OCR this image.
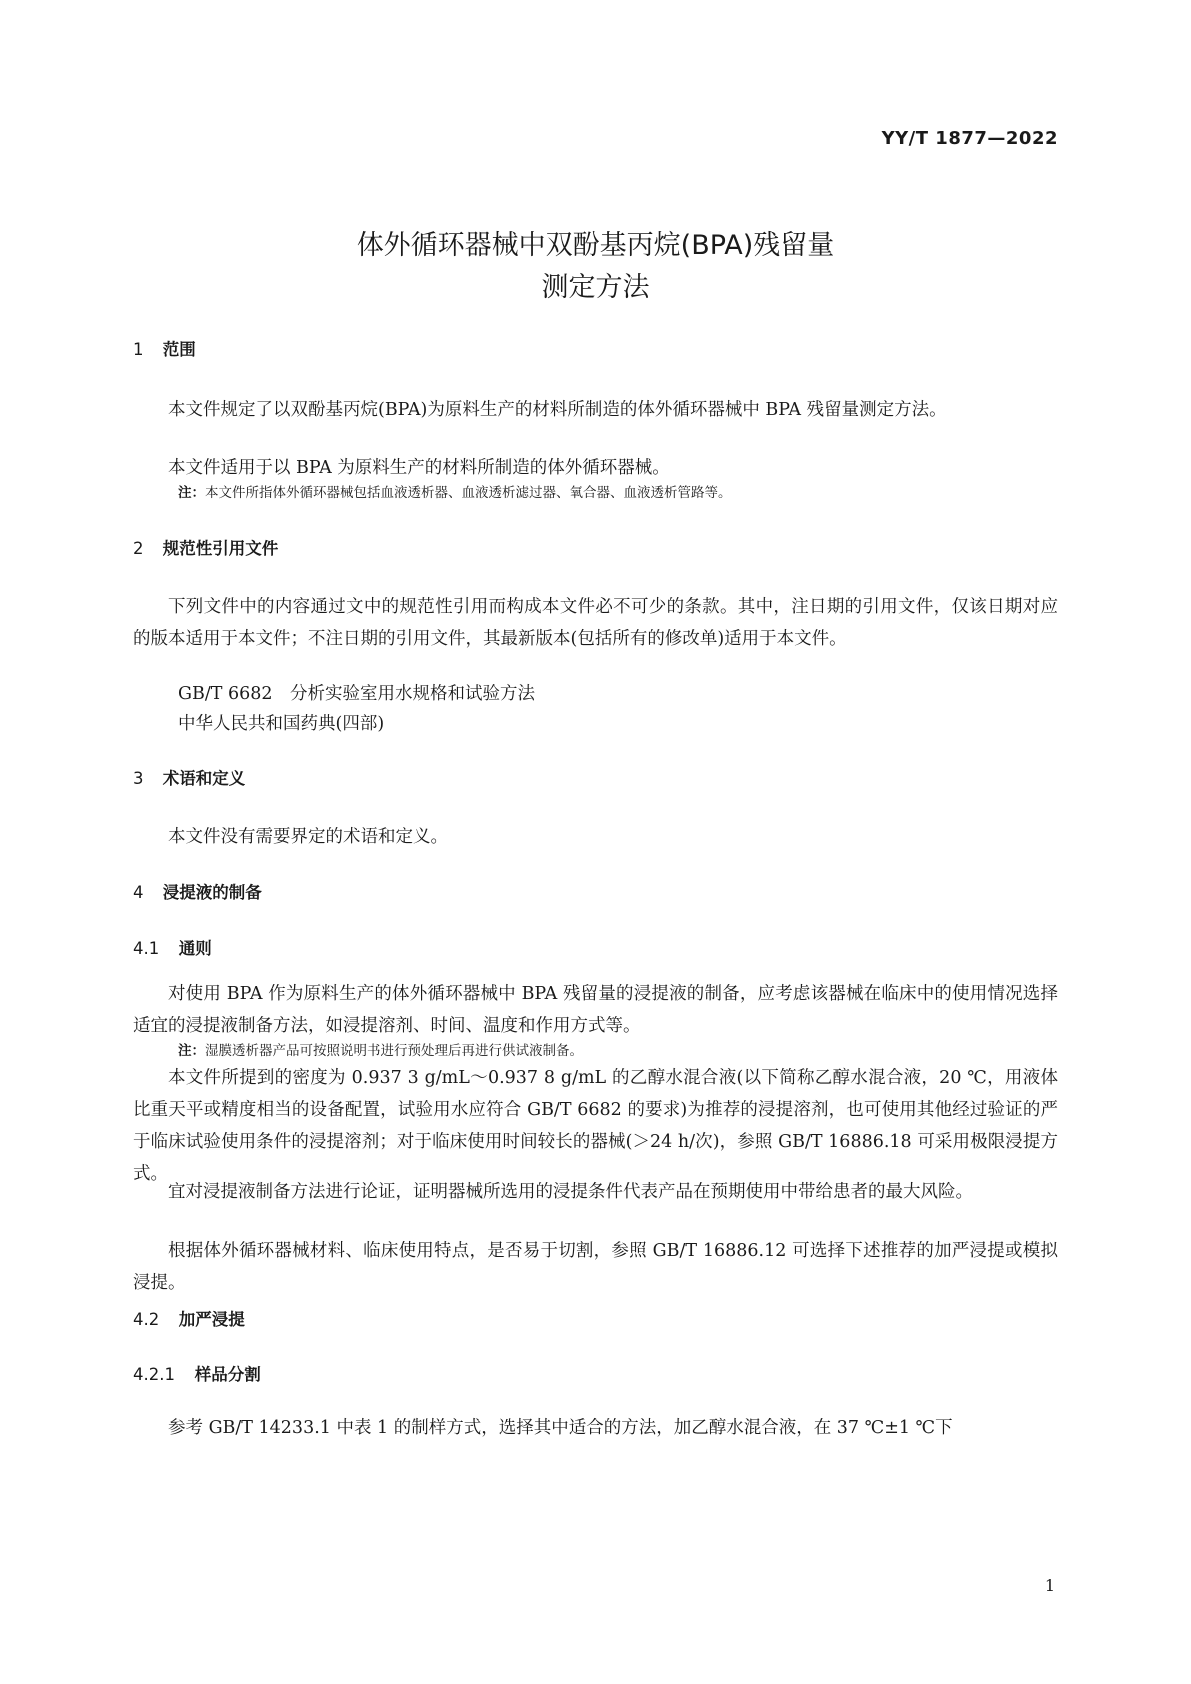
YY/T 1877—2022
体外循环器械中双酚基丙烷(BPA)残留量
测定方法
1 范围
本文件规定了以双酚基丙烷(BPA)为原料生产的材料所制造的体外循环器械中 BPA 残留量测定方法。
本文件适用于以 BPA 为原料生产的材料所制造的体外循环器械。
注：本文件所指体外循环器械包括血液透析器、血液透析滤过器、氧合器、血液透析管路等。
2 规范性引用文件
下列文件中的内容通过文中的规范性引用而构成本文件必不可少的条款。其中，注日期的引用文件，仅该日期对应的版本适用于本文件；不注日期的引用文件，其最新版本(包括所有的修改单)适用于本文件。
GB/T 6682　分析实验室用水规格和试验方法
中华人民共和国药典(四部)
3 术语和定义
本文件没有需要界定的术语和定义。
4 浸提液的制备
4.1 通则
对使用 BPA 作为原料生产的体外循环器械中 BPA 残留量的浸提液的制备，应考虑该器械在临床中的使用情况选择适宜的浸提液制备方法，如浸提溶剂、时间、温度和作用方式等。
注：湿膜透析器产品可按照说明书进行预处理后再进行供试液制备。
本文件所提到的密度为 0.937 3 g/mL～0.937 8 g/mL 的乙醇水混合液(以下简称乙醇水混合液，20 ℃，用液体比重天平或精度相当的设备配置，试验用水应符合 GB/T 6682 的要求)为推荐的浸提溶剂，也可使用其他经过验证的严于临床试验使用条件的浸提溶剂；对于临床使用时间较长的器械(＞24 h/次)，参照 GB/T 16886.18 可采用极限浸提方式。
宜对浸提液制备方法进行论证，证明器械所选用的浸提条件代表产品在预期使用中带给患者的最大风险。
根据体外循环器械材料、临床使用特点，是否易于切割，参照 GB/T 16886.12 可选择下述推荐的加严浸提或模拟浸提。
4.2 加严浸提
4.2.1 样品分割
参考 GB/T 14233.1 中表 1 的制样方式，选择其中适合的方法，加乙醇水混合液，在 37 ℃±1 ℃下
1
